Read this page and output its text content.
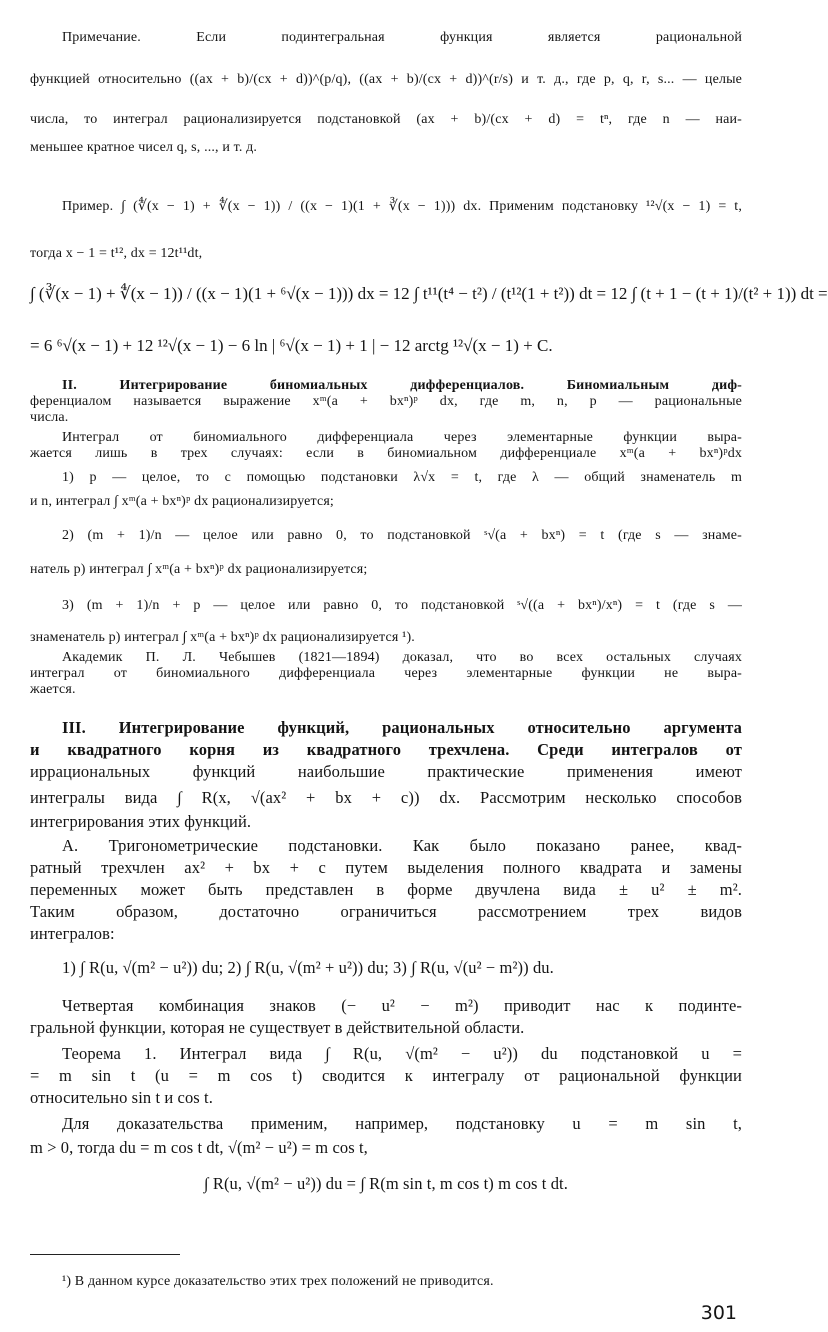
Примечание. Если подинтегральная функция является рациональной
функцией относительно ((ax + b)/(cx + d))^(p/q), ((ax + b)/(cx + d))^(r/s) и т. д., где p, q, r, s... — целые
числа, то интеграл рационализируется подстановкой (ax + b)/(cx + d) = tⁿ, где n — наи-
меньшее кратное чисел q, s, ..., и т. д.
Пример. ∫ (∜(x − 1) + ∜(x − 1)) / ((x − 1)(1 + ∛(x − 1))) dx. Применим подстановку ¹²√(x − 1) = t,
тогда x − 1 = t¹², dx = 12t¹¹dt,
∫ (∛(x − 1) + ∜(x − 1)) / ((x − 1)(1 + ⁶√(x − 1))) dx = 12 ∫ t¹¹(t⁴ − t²) / (t¹²(1 + t²)) dt = 12 ∫ (t + 1 − (t + 1)/(t² + 1)) dt =
= 6 ⁶√(x − 1) + 12 ¹²√(x − 1) − 6 ln | ⁶√(x − 1) + 1 | − 12 arctg ¹²√(x − 1) + C.
II. Интегрирование биномиальных дифференциалов. Биномиальным диф-
ференциалом называется выражение xᵐ(a + bxⁿ)ᵖ dx, где m, n, p — рациональные
числа.
Интеграл от биномиального дифференциала через элементарные функции выра-
жается лишь в трех случаях: если в биномиальном дифференциале xᵐ(a + bxⁿ)ᵖdx
1) p — целое, то с помощью подстановки λ√x = t, где λ — общий знаменатель m
и n, интеграл ∫ xᵐ(a + bxⁿ)ᵖ dx рационализируется;
2) (m + 1)/n — целое или равно 0, то подстановкой ˢ√(a + bxⁿ) = t (где s — знаме-
натель p) интеграл ∫ xᵐ(a + bxⁿ)ᵖ dx рационализируется;
3) (m + 1)/n + p — целое или равно 0, то подстановкой ˢ√((a + bxⁿ)/xⁿ) = t (где s —
знаменатель p) интеграл ∫ xᵐ(a + bxⁿ)ᵖ dx рационализируется ¹).
Академик П. Л. Чебышев (1821—1894) доказал, что во всех остальных случаях
интеграл от биномиального дифференциала через элементарные функции не выра-
жается.
III. Интегрирование функций, рациональных относительно аргумента
и квадратного корня из квадратного трехчлена. Среди интегралов от
иррациональных функций наибольшие практические применения имеют
интегралы вида ∫ R(x, √(ax² + bx + c)) dx. Рассмотрим несколько способов
интегрирования этих функций.
А. Тригонометрические подстановки. Как было показано ранее, квад-
ратный трехчлен ax² + bx + c путем выделения полного квадрата и замены
переменных может быть представлен в форме двучлена вида ± u² ± m².
Таким образом, достаточно ограничиться рассмотрением трех видов
интегралов:
1) ∫ R(u, √(m² − u²)) du; 2) ∫ R(u, √(m² + u²)) du; 3) ∫ R(u, √(u² − m²)) du.
Четвертая комбинация знаков (− u² − m²) приводит нас к подинте-
гральной функции, которая не существует в действительной области.
Теорема 1. Интеграл вида ∫ R(u, √(m² − u²)) du подстановкой u =
= m sin t (u = m cos t) сводится к интегралу от рациональной функции
относительно sin t и cos t.
Для доказательства применим, например, подстановку u = m sin t,
m > 0, тогда du = m cos t dt, √(m² − u²) = m cos t,
∫ R(u, √(m² − u²)) du = ∫ R(m sin t, m cos t) m cos t dt.
¹) В данном курсе доказательство этих трех положений не приводится.
301
